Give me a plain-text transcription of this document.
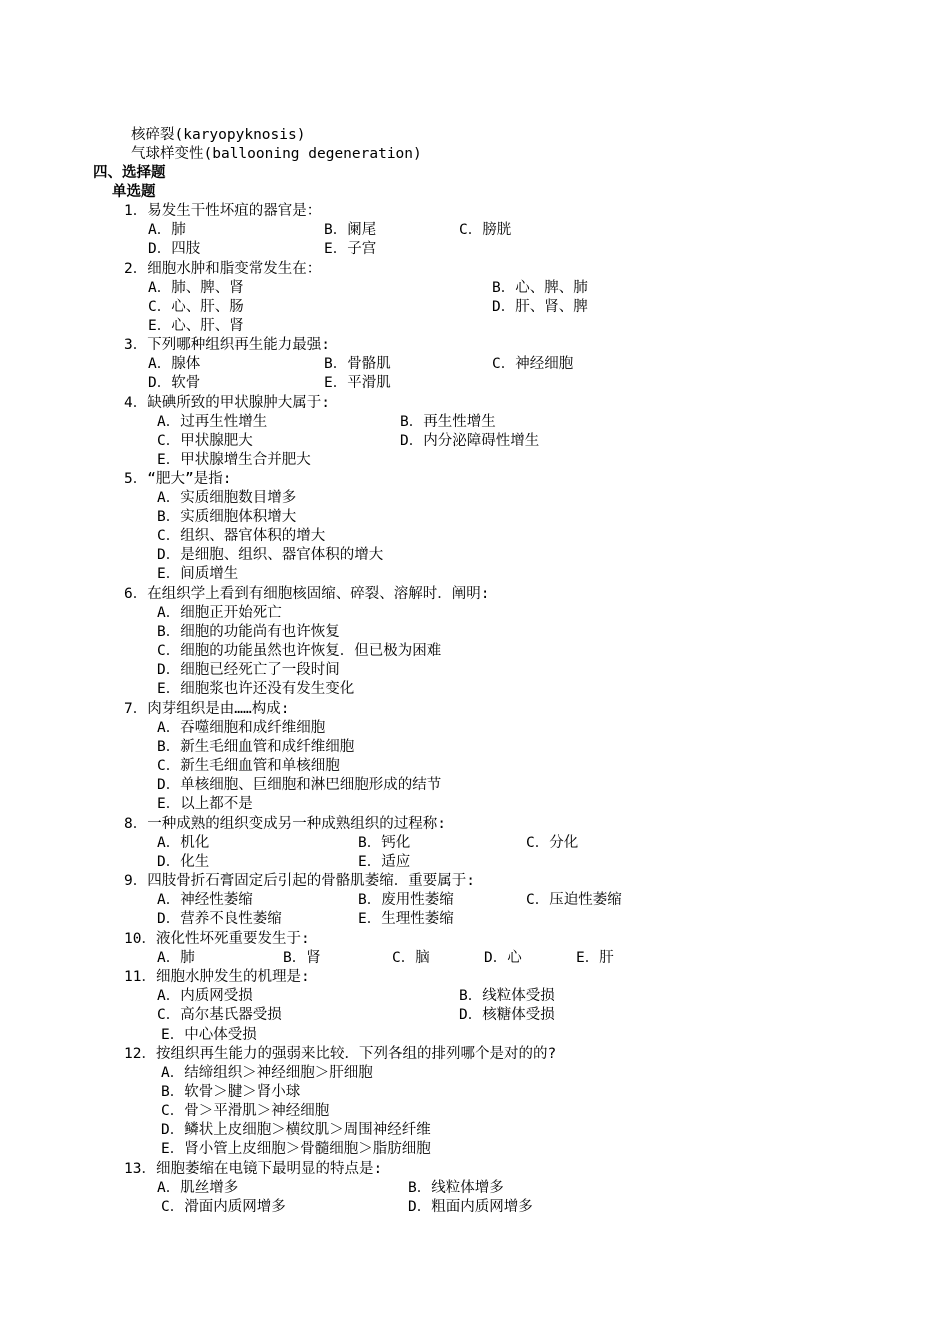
核碎裂(karyopyknosis)
气球样变性(ballooning degeneration)
四、选择题
单选题
1．易发生干性坏疽的器官是：
A．肺	B．阑尾	C．膀胱
D．四肢	E．子宫
2．细胞水肿和脂变常发生在：
A．肺、脾、肾	B．心、脾、肺
C．心、肝、肠	D．肝、肾、脾
E．心、肝、肾
3．下列哪种组织再生能力最强:
A．腺体	B．骨骼肌	C．神经细胞
D．软骨	E．平滑肌
4．缺碘所致的甲状腺肿大属于:
A．过再生性增生	B．再生性增生
C．甲状腺肥大	D．内分泌障碍性增生
E．甲状腺增生合并肥大
5．“肥大”是指:
A．实质细胞数目增多
B．实质细胞体积增大
C．组织、器官体积的增大
D．是细胞、组织、器官体积的增大
E．间质增生
6．在组织学上看到有细胞核固缩、碎裂、溶解时．阐明:
A．细胞正开始死亡
B．细胞的功能尚有也许恢复
C．细胞的功能虽然也许恢复．但已极为困难
D．细胞已经死亡了一段时间
E．细胞浆也许还没有发生变化
7．肉芽组织是由……构成:
A．吞噬细胞和成纤维细胞
B．新生毛细血管和成纤维细胞
C．新生毛细血管和单核细胞
D．单核细胞、巨细胞和淋巴细胞形成的结节
E．以上都不是
8．一种成熟的组织变成另一种成熟组织的过程称:
A．机化	B．钙化	C．分化
D．化生	E．适应
9．四肢骨折石膏固定后引起的骨骼肌萎缩．重要属于:
A．神经性萎缩	B．废用性萎缩	C．压迫性萎缩
D．营养不良性萎缩	E．生理性萎缩
10．液化性坏死重要发生于:
A．肺	B．肾	C．脑	D．心	E．肝
11．细胞水肿发生的机理是:
A．内质网受损	B．线粒体受损
C．高尔基氏器受损	D．核糖体受损
E．中心体受损
12．按组织再生能力的强弱来比较．下列各组的排列哪个是对的的?
A．结缔组织＞神经细胞＞肝细胞
B．软骨＞腱＞肾小球
C．骨＞平滑肌＞神经细胞
D．鳞状上皮细胞＞横纹肌＞周围神经纤维
E．肾小管上皮细胞＞骨髓细胞＞脂肪细胞
13．细胞萎缩在电镜下最明显的特点是:
A．肌丝增多	B．线粒体增多
C．滑面内质网增多	D．粗面内质网增多
